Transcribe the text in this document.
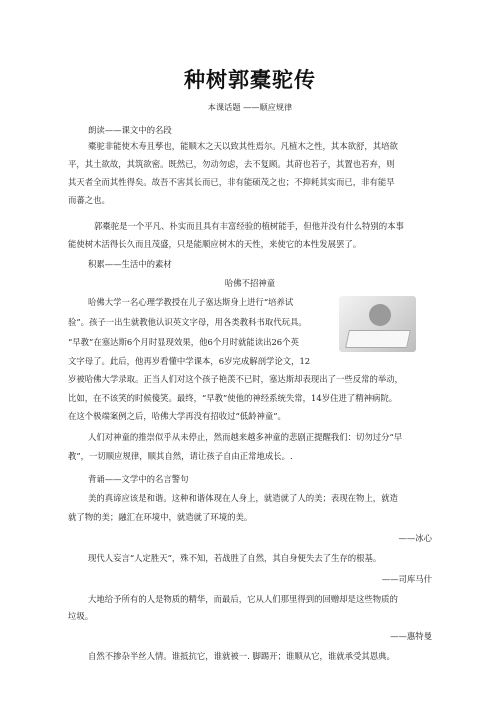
种树郭橐驼传
本课话题 ——顺应规律
朗读——课文中的名段
橐驼非能使木寿且孳也，能顺木之天以致其性焉尔。凡植木之性，其本欲舒，其培欲
平，其土欲故，其筑欲密。既然已，勿动勿虑，去不复顾。其莳也若子，其置也若弃，则
其天者全而其性得矣。故吾不害其长而已，非有能硕茂之也；不抑耗其实而已，非有能早
而蕃之也。
郭橐驼是一个平凡、朴实而且具有丰富经验的植树能手，但他并没有什么特别的本事
能使树木活得长久而且茂盛，只是能顺应树木的天性，来使它的本性发展罢了。
积累——生活中的素材
哈佛不招神童
哈佛大学一名心理学教授在儿子塞达斯身上进行“培养试
验”。孩子一出生就教他认识英文字母，用各类教科书取代玩具。
“早教”在塞达斯6个月时显现效果，他6个月时就能读出26个英
文字母了。此后，他再岁看懂中学课本，6岁完成解剖学论文，12
岁被哈佛大学录取。正当人们对这个孩子艳羡不已时，塞达斯却表现出了一些反常的举动，
比如，在不该笑的时候傻笑。最终，“早教”使他的神经系统失常，14岁住进了精神病院。
在这个极端案例之后，哈佛大学再没有招收过“低龄神童”。
人们对神童的推崇似乎从未停止，然而越来越多神童的悲剧正提醒我们：切勿过分“早
教”，一切顺应规律，顺其自然，请让孩子自由正常地成长。.
背诵——文学中的名言警句
美的真谛应该是和谐。这种和谐体现在人身上，就造就了人的美；表现在物上，就造
就了物的美；融汇在环境中，就造就了环境的美。
——冰心
现代人妄言“人定胜天”，殊不知，若战胜了自然，其自身便失去了生存的根基。
——司库马什
大地给予所有的人是物质的精华，而最后，它从人们那里得到的回赠却是这些物质的
垃圾。
——惠特曼
自然不掺杂半丝人情。谁抵抗它，谁就被一. 脚踢开；谁顺从它，谁就承受其恩典。
